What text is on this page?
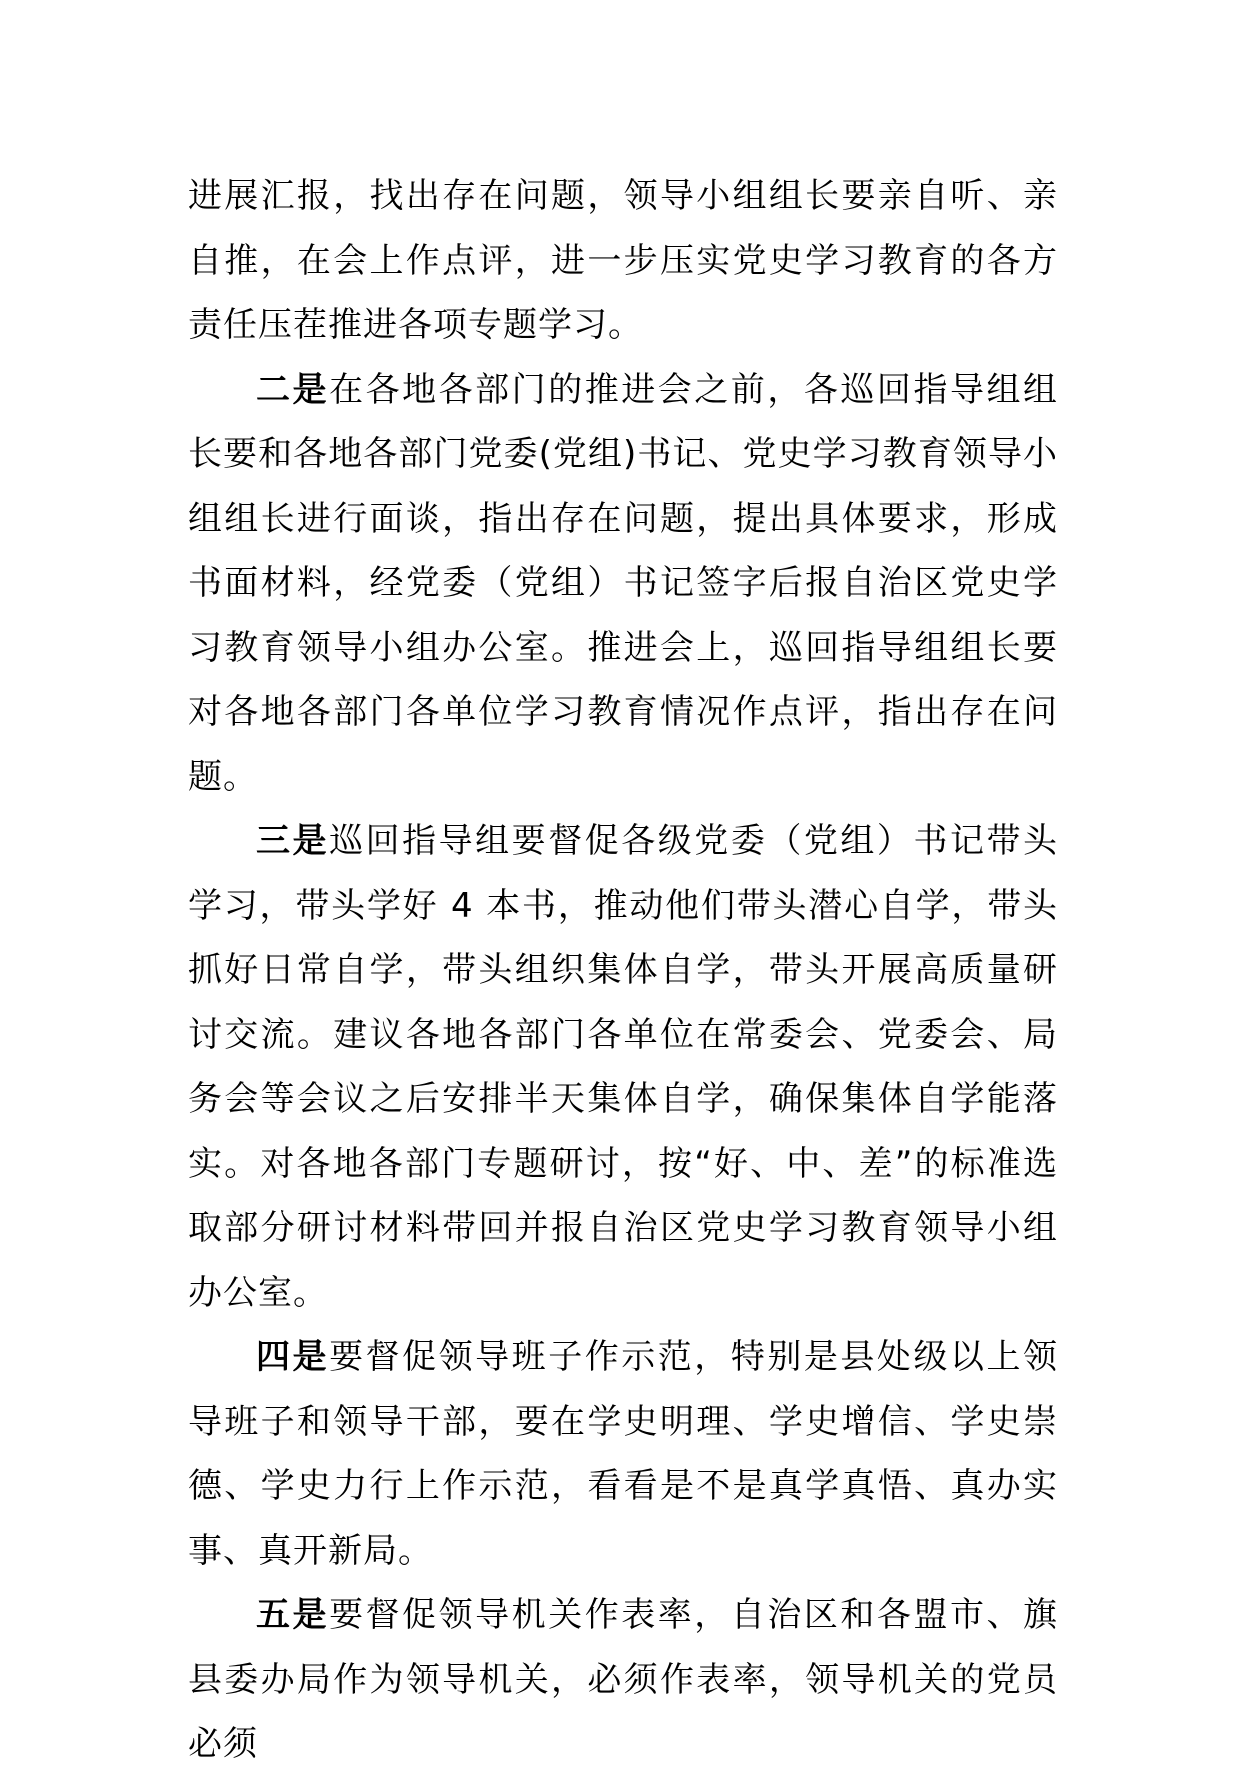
进展汇报，找出存在问题，领导小组组长要亲自听、亲自推，在会上作点评，进一步压实党史学习教育的各方责任压茬推进各项专题学习。

二是在各地各部门的推进会之前，各巡回指导组组长要和各地各部门党委(党组)书记、党史学习教育领导小组组长进行面谈，指出存在问题，提出具体要求，形成书面材料，经党委（党组）书记签字后报自治区党史学习教育领导小组办公室。推进会上，巡回指导组组长要对各地各部门各单位学习教育情况作点评，指出存在问题。

三是巡回指导组要督促各级党委（党组）书记带头学习，带头学好 4 本书，推动他们带头潜心自学，带头抓好日常自学，带头组织集体自学，带头开展高质量研讨交流。建议各地各部门各单位在常委会、党委会、局务会等会议之后安排半天集体自学，确保集体自学能落实。对各地各部门专题研讨，按“好、中、差”的标准选取部分研讨材料带回并报自治区党史学习教育领导小组办公室。

四是要督促领导班子作示范，特别是县处级以上领导班子和领导干部，要在学史明理、学史增信、学史崇德、学史力行上作示范，看看是不是真学真悟、真办实事、真开新局。

五是要督促领导机关作表率，自治区和各盟市、旗县委办局作为领导机关，必须作表率，领导机关的党员必须
